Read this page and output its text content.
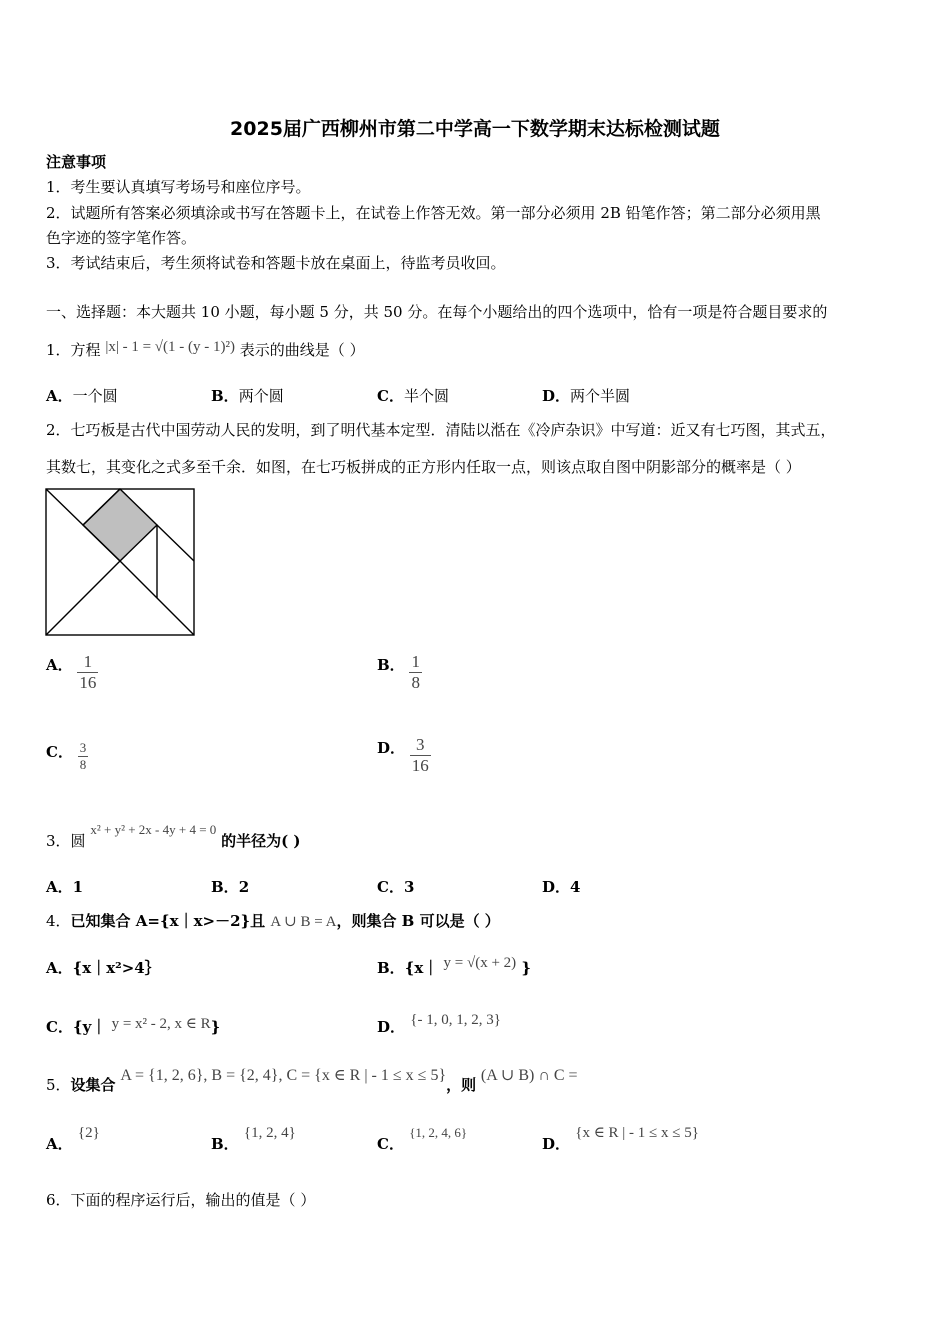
2025届广西柳州市第二中学高一下数学期末达标检测试题
注意事项
1．考生要认真填写考场号和座位序号。
2．试题所有答案必须填涂或书写在答题卡上，在试卷上作答无效。第一部分必须用 2B 铅笔作答；第二部分必须用黑
色字迹的签字笔作答。
3．考试结束后，考生须将试卷和答题卡放在桌面上，待监考员收回。
一、选择题：本大题共 10 小题，每小题 5 分，共 50 分。在每个小题给出的四个选项中，恰有一项是符合题目要求的
1．方程 |x| - 1 = √(1 - (y - 1)²) 表示的曲线是（ ）
A．一个圆	B．两个圆	C．半个圆	D．两个半圆
2．七巧板是古代中国劳动人民的发明，到了明代基本定型．清陆以湉在《冷庐杂识》中写道：近又有七巧图，其式五，
其数七，其变化之式多至千余．如图，在七巧板拼成的正方形内任取一点，则该点取自图中阴影部分的概率是（ ）
A． $\frac{1}{16}$	B． $\frac{1}{8}$
C． $\frac{3}{8}$	D． $\frac{3}{16}$
3．圆 x² + y² + 2x - 4y + 4 = 0 的半径为( )
A．1	B．2	C．3	D．4
4．已知集合 A={x｜x>－2}且 A ∪ B = A，则集合 B 可以是（ ）
A．{x｜x²>4｝	B．{x｜ y = √(x + 2) }
C．{y｜ y = x² - 2, x ∈ R}	D． {- 1, 0, 1, 2, 3}
5．设集合 A = {1, 2, 6}, B = {2, 4}, C = {x ∈ R | - 1 ≤ x ≤ 5}，则 (A ∪ B) ∩ C =
A． {2}
B． {1, 2, 4}
C． {1, 2, 4, 6}
D． {x ∈ R | - 1 ≤ x ≤ 5}
6．下面的程序运行后，输出的值是（ ）
